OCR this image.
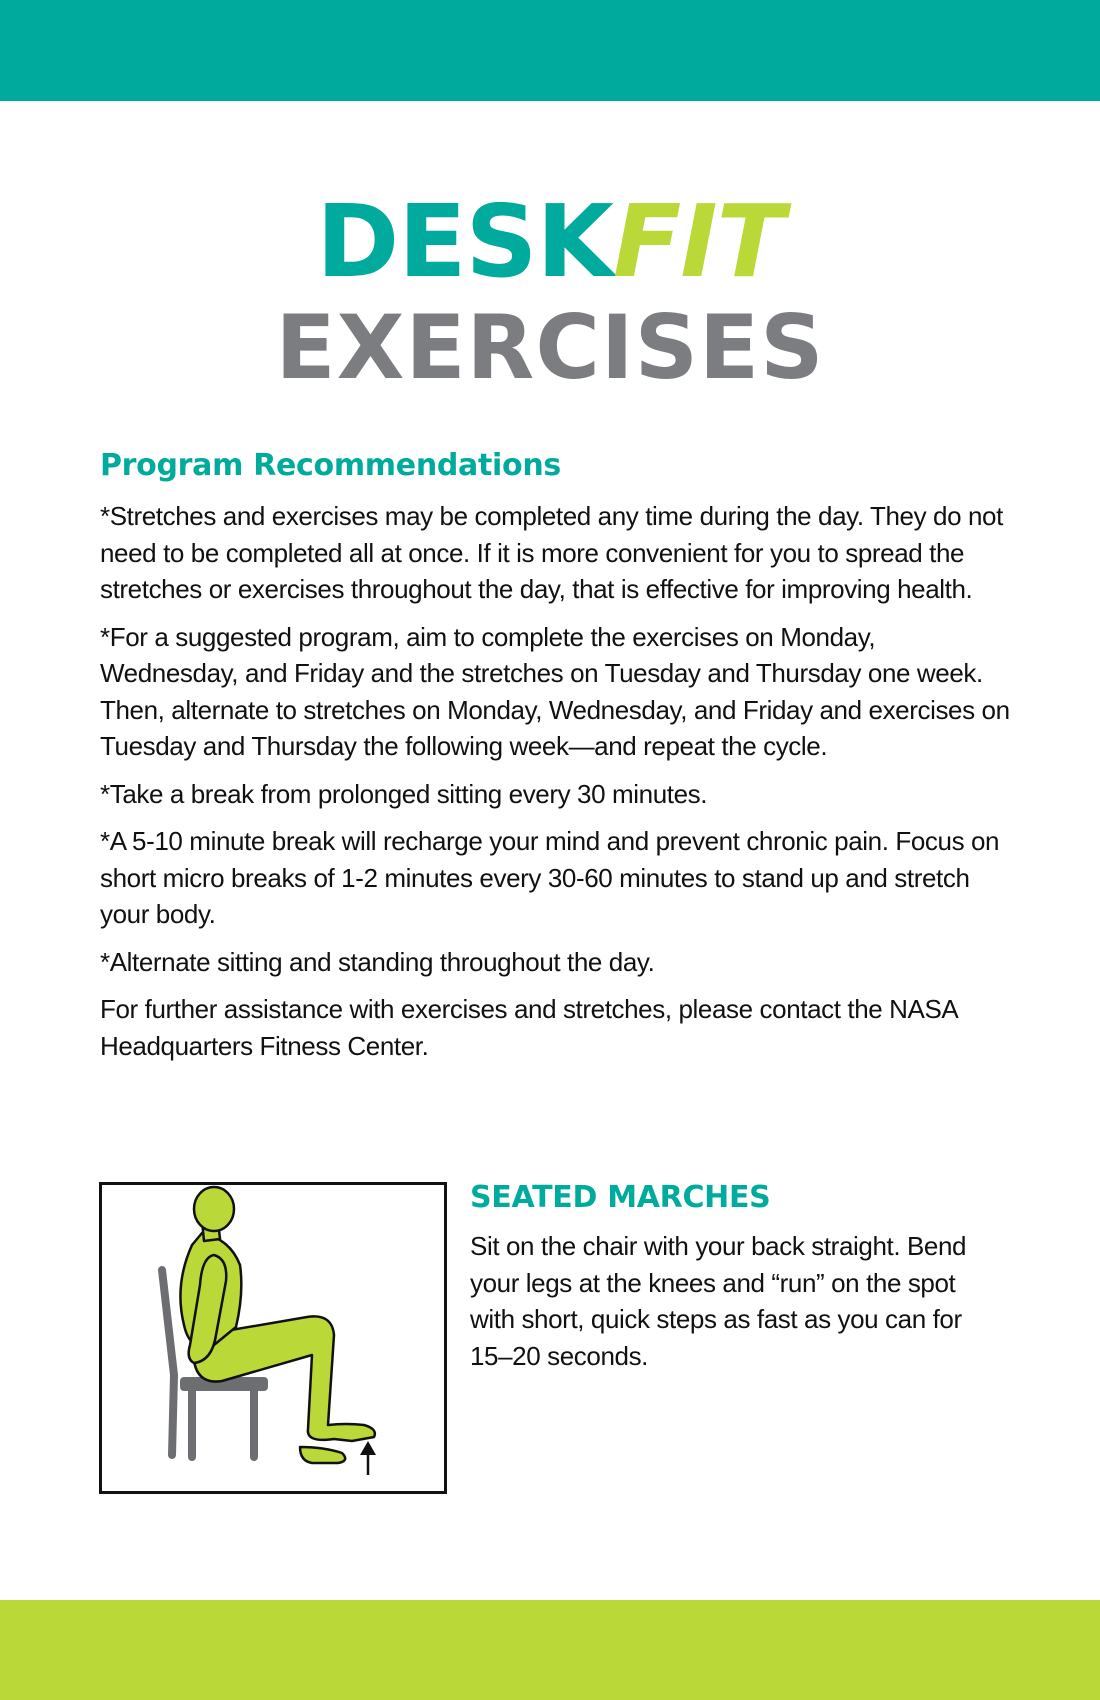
DESKFIT
EXERCISES
Program Recommendations

*Stretches and exercises may be completed any time during the day. They do not need to be completed all at once. If it is more convenient for you to spread the stretches or exercises throughout the day, that is effective for improving health.

*For a suggested program, aim to complete the exercises on Monday, Wednesday, and Friday and the stretches on Tuesday and Thursday one week. Then, alternate to stretches on Monday, Wednesday, and Friday and exercises on Tuesday and Thursday the following week—and repeat the cycle.

*Take a break from prolonged sitting every 30 minutes.

*A 5-10 minute break will recharge your mind and prevent chronic pain. Focus on short micro breaks of 1-2 minutes every 30-60 minutes to stand up and stretch your body.

*Alternate sitting and standing throughout the day.

For further assistance with exercises and stretches, please contact the NASA Headquarters Fitness Center.

SEATED MARCHES

Sit on the chair with your back straight. Bend your legs at the knees and “run” on the spot with short, quick steps as fast as you can for 15–20 seconds.
